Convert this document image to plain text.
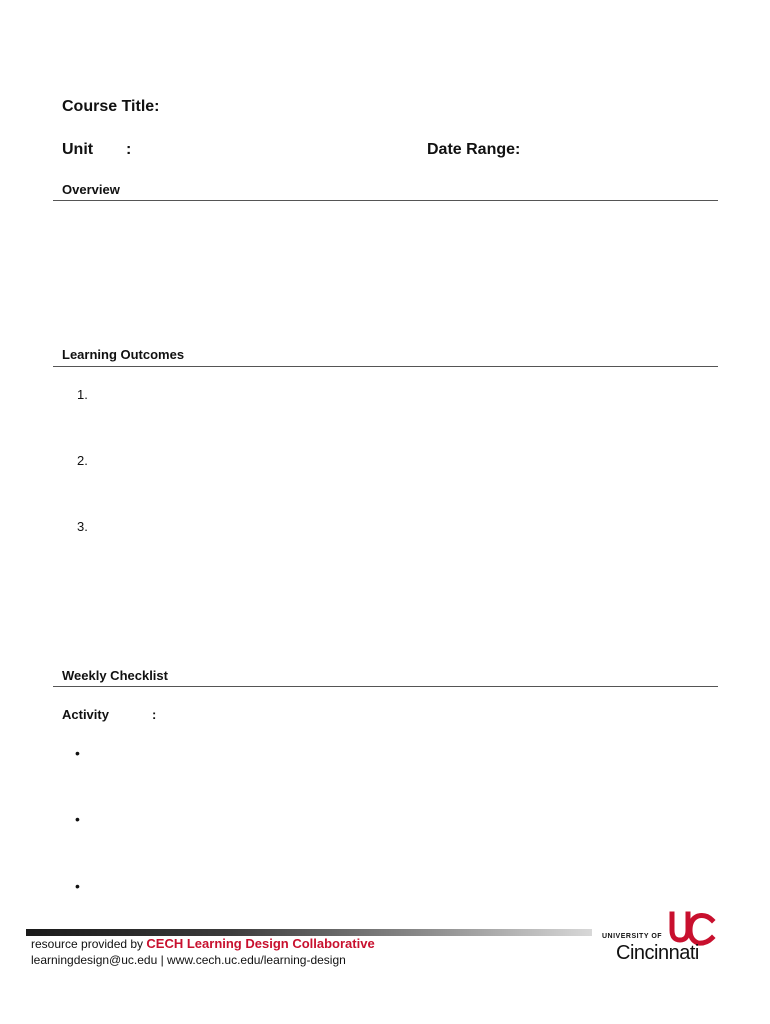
Course Title:
Unit :	Date Range:
Overview
Learning Outcomes
1.
2.
3.
Weekly Checklist
Activity	:
•
•
•
resource provided by CECH Learning Design Collaborative
learningdesign@uc.edu | www.cech.uc.edu/learning-design
UNIVERSITY OF
Cincinnati
